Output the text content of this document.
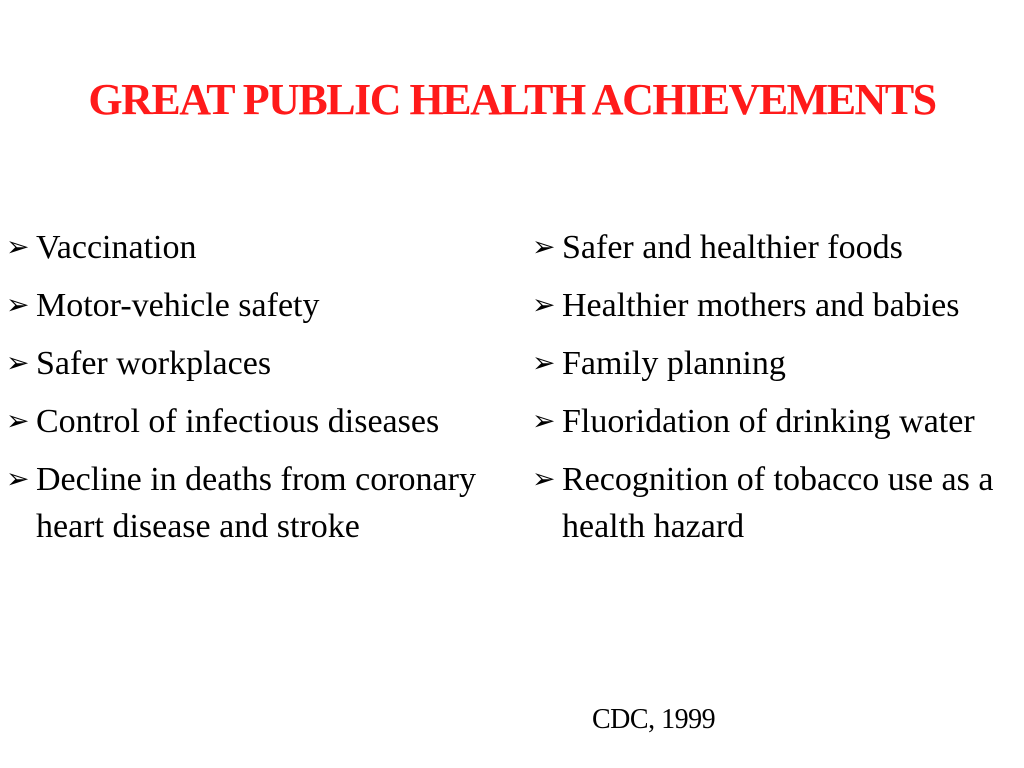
GREAT PUBLIC HEALTH ACHIEVEMENTS
➢ Vaccination
➢ Motor-vehicle safety
➢ Safer workplaces
➢ Control of infectious diseases
➢ Decline in deaths from coronary heart disease and stroke
➢ Safer and healthier foods
➢ Healthier mothers and babies
➢ Family planning
➢ Fluoridation of drinking water
➢ Recognition of tobacco use as a health hazard
CDC, 1999
